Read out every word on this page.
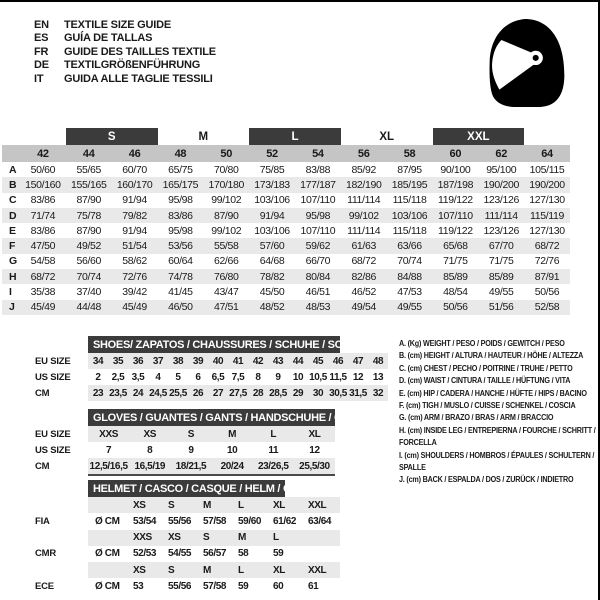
EN	TEXTILE SIZE GUIDE
ES	GUÍA DE TALLAS
FR	GUIDE DES TAILLES TEXTILE
DE	TEXTILGRÖßENFÜHRUNG
IT	GUIDA ALLE TAGLIE TESSILI
S	M	L	XL	XXL
42	44	46	48	50	52	54	56	58	60	62	64
A	50/60	55/65	60/70	65/75	70/80	75/85	83/88	85/92	87/95	90/100	95/100	105/115
B 150/160 155/165 160/170 165/175 170/180 173/183 177/187 182/190 185/195 187/198 190/200 190/200
C	83/86	87/90	91/94	95/98	99/102	103/106	107/110	111/114	115/118	119/122	123/126 127/130
D	71/74	75/78	79/82	83/86	87/90	91/94	95/98	99/102	103/106	107/110	111/114	115/119
E	83/86	87/90	91/94	95/98	99/102	103/106	107/110	111/114	115/118	119/122	123/126 127/130
F	47/50	49/52	51/54	53/56	55/58	57/60	59/62	61/63	63/66	65/68	67/70	68/72
G	54/58	56/60	58/62	60/64	62/66	64/68	66/70	68/72	70/74	71/75	71/75	72/76
H	68/72	70/74	72/76	74/78	76/80	78/82	80/84	82/86	84/88	85/89	85/89	87/91
I	35/38	37/40	39/42	41/45	43/47	45/50	46/51	46/52	47/53	48/54	49/55	50/56
J	45/49	44/48	45/49	46/50	47/51	48/52	48/53	49/54	49/55	50/56	51/56	52/58
SHOES/ ZAPATOS / CHAUSSURES / SCHUHE / SCARPE
EU SIZE	34 35 36 37 38 39 40 41 42 43 44 45 46 47 48
US SIZE	2	2,5 3,5	4	5	6	6,5 7,5	8	9	10 10,5 11,5 12 13
CM	23 23,5 24 24,5 25,5 26 27 27,5 28 28,5 29 30 30,5 31,5 32
GLOVES / GUANTES / GANTS / HANDSCHUHE / GUANTI
EU SIZE	XXS	XS	S	M	L	XL
US SIZE	7	8	9	10	11	12
CM	12,5/16,5 16,5/19	18/21,5	20/24	23/26,5	25,5/30
HELMET / CASCO / CASQUE / HELM / CASCO
XS	S	M	L	XL	XXL
FIA	Ø CM	53/54	55/56	57/58	59/60	61/62	63/64
XXS	XS	S	M	L
CMR	Ø CM	52/53	54/55	56/57	58	59
XS	S	M	L	XL	XXL
ECE	Ø CM	53	55/56	57/58	59	60	61
A. (Kg) WEIGHT / PESO / POIDS / GEWITCH / PESO
B. (cm) HEIGHT / ALTURA / HAUTEUR / HÖHE / ALTEZZA
C. (cm) CHEST / PECHO / POITRINE / TRUHE / PETTO
D. (cm) WAIST / CINTURA / TAILLE / HÜFTUNG / VITA
E. (cm) HIP / CADERA / HANCHE / HÜFTE / HIPS / BACINO
F. (cm) TIGH / MUSLO / CUISSE / SCHENKEL / COSCIA
G. (cm) ARM / BRAZO / BRAS / ARM / BRACCIO
H. (cm) INSIDE LEG / ENTREPIERNA / FOURCHE / SCHRITT / FORCELLA
I. (cm) SHOULDERS / HOMBROS / ÉPAULES / SCHULTERN / SPALLE
J. (cm) BACK / ESPALDA / DOS / ZURÜCK / INDIETRO
